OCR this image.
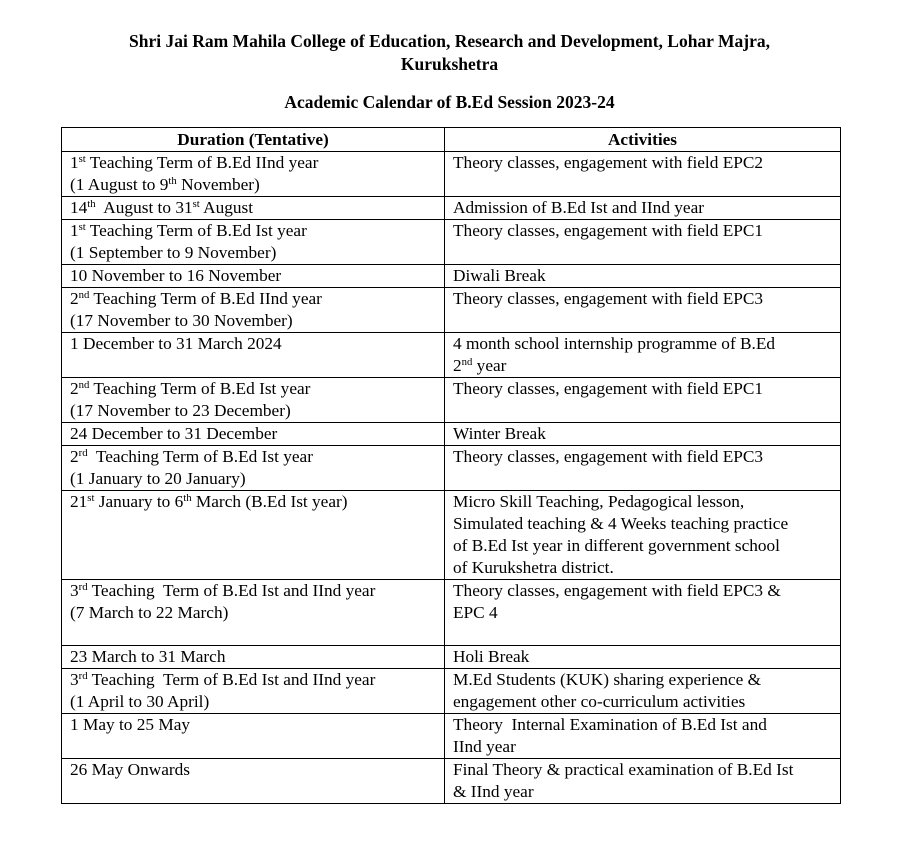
Shri Jai Ram Mahila College of Education, Research and Development, Lohar Majra,
Kurukshetra
Academic Calendar of B.Ed Session 2023-24
Duration (Tentative)	Activities

1st Teaching Term of B.Ed IInd year
(1 August to 9th November)	Theory classes, engagement with field EPC2

14th  August to 31st August	Admission of B.Ed Ist and IInd year

1st Teaching Term of B.Ed Ist year
(1 September to 9 November)	Theory classes, engagement with field EPC1

10 November to 16 November	Diwali Break

2nd Teaching Term of B.Ed IInd year
(17 November to 30 November)	Theory classes, engagement with field EPC3

1 December to 31 March 2024	4 month school internship programme of B.Ed
2nd year

2nd Teaching Term of B.Ed Ist year
(17 November to 23 December)	Theory classes, engagement with field EPC1

24 December to 31 December	Winter Break

2rd  Teaching Term of B.Ed Ist year
(1 January to 20 January)	Theory classes, engagement with field EPC3

21st January to 6th March (B.Ed Ist year)	Micro Skill Teaching, Pedagogical lesson,
Simulated teaching & 4 Weeks teaching practice
of B.Ed Ist year in different government school
of Kurukshetra district.

3rd Teaching  Term of B.Ed Ist and IInd year
(7 March to 22 March)	Theory classes, engagement with field EPC3 &
EPC 4

23 March to 31 March	Holi Break

3rd Teaching  Term of B.Ed Ist and IInd year
(1 April to 30 April)	M.Ed Students (KUK) sharing experience &
engagement other co-curriculum activities

1 May to 25 May	Theory  Internal Examination of B.Ed Ist and
IInd year

26 May Onwards	Final Theory & practical examination of B.Ed Ist
& IInd year
